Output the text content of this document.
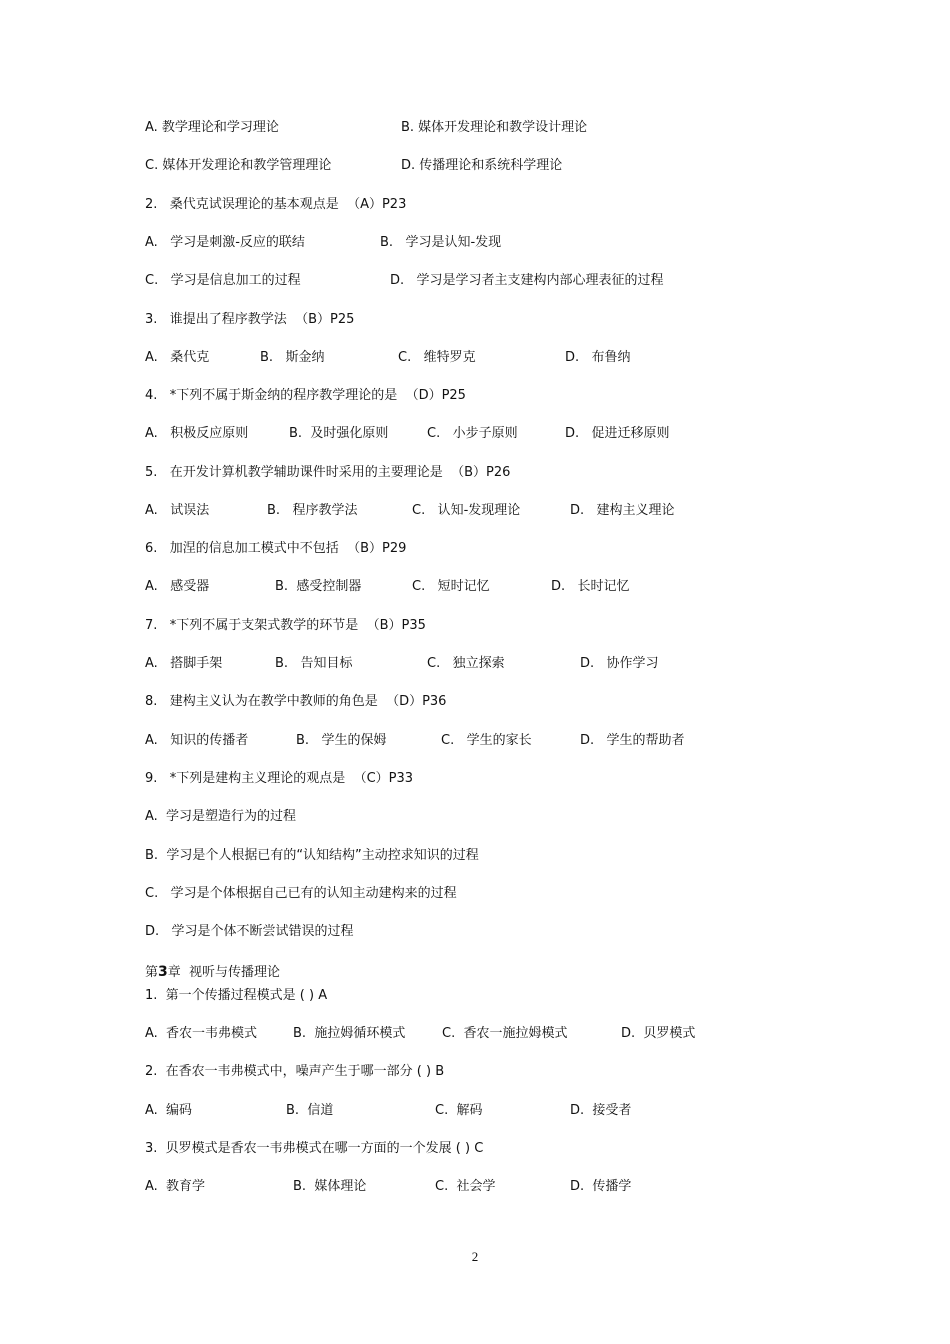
A. 教学理论和学习理论	B. 媒体开发理论和教学设计理论
C. 媒体开发理论和教学管理理论	D. 传播理论和系统科学理论
2.   桑代克试误理论的基本观点是  （A）P23
A.   学习是刺激-反应的联结	B.   学习是认知-发现
C.   学习是信息加工的过程	D.   学习是学习者主支建构内部心理表征的过程
3.   谁提出了程序教学法  （B）P25
A.   桑代克	B.   斯金纳	C.   维特罗克	D.   布鲁纳
4.   *下列不属于斯金纳的程序教学理论的是  （D）P25
A.   积极反应原则	B.  及时强化原则	C.   小步子原则	D.   促进迁移原则
5.   在开发计算机教学辅助课件时采用的主要理论是  （B）P26
A.   试误法	B.   程序教学法	C.   认知-发现理论	D.   建构主义理论
6.   加涅的信息加工模式中不包括  （B）P29
A.   感受器	B.  感受控制器	C.   短时记忆	D.   长时记忆
7.   *下列不属于支架式教学的环节是  （B）P35
A.   搭脚手架	B.   告知目标	C.   独立探索	D.   协作学习
8.   建构主义认为在教学中教师的角色是  （D）P36
A.   知识的传播者	B.   学生的保姆	C.   学生的家长	D.   学生的帮助者
9.   *下列是建构主义理论的观点是  （C）P33
A.  学习是塑造行为的过程
B.  学习是个人根据已有的“认知结构”主动控求知识的过程
C.   学习是个体根据自己已有的认知主动建构来的过程
D.   学习是个体不断尝试错误的过程
第3章  视听与传播理论
1.  第一个传播过程模式是 ( ) A
A.  香农一韦弗模式	B.  施拉姆循环模式	C.  香农一施拉姆模式	D.  贝罗模式
2.  在香农一韦弗模式中，噪声产生于哪一部分 ( ) B
A.  编码	B.  信道	C.  解码	D.  接受者
3.  贝罗模式是香农一韦弗模式在哪一方面的一个发展 ( ) C
A.  教育学	B.  媒体理论	C.  社会学	D.  传播学
2
